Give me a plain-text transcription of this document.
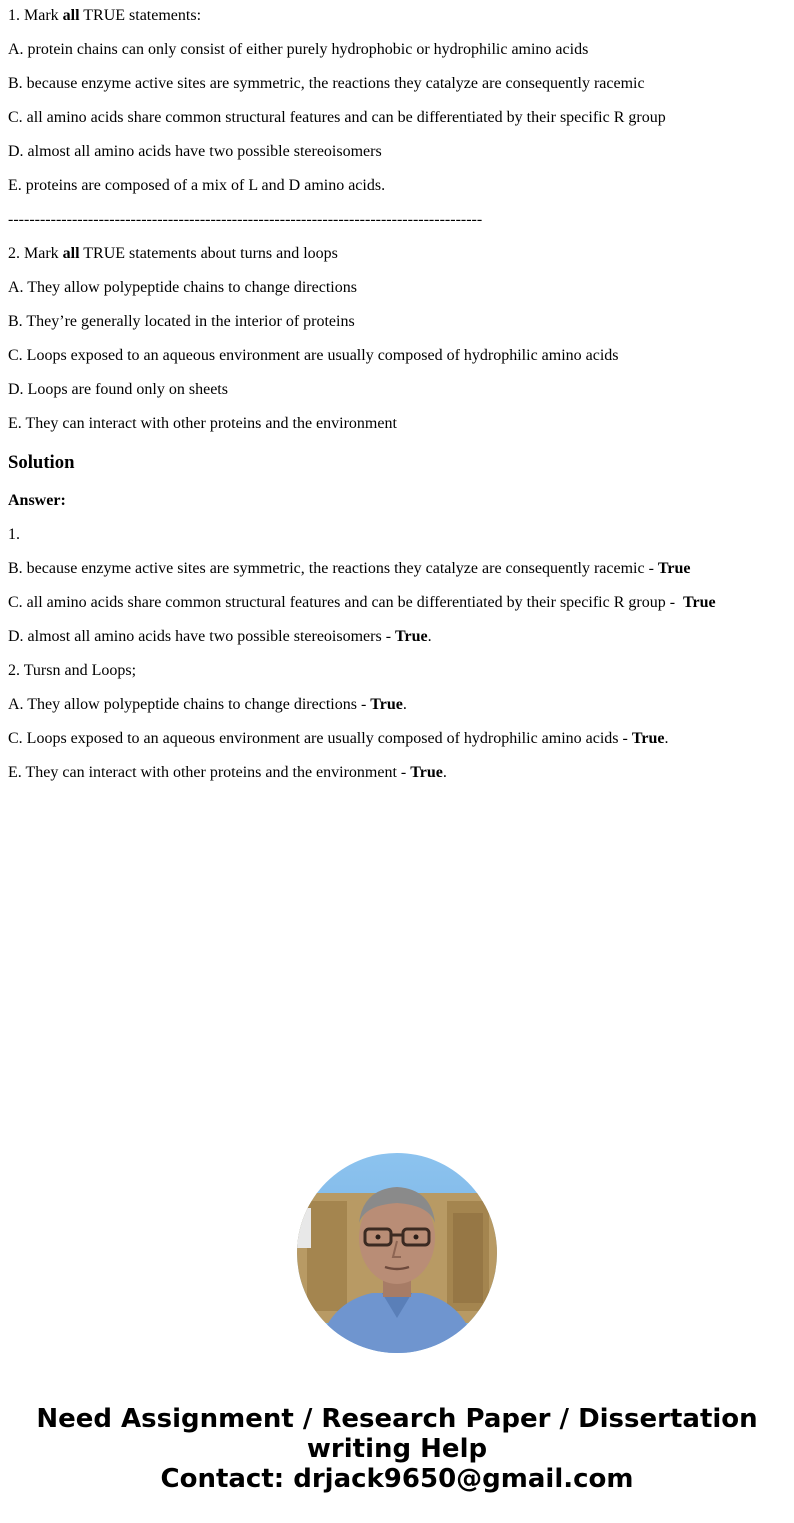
1. Mark all TRUE statements:

A. protein chains can only consist of either purely hydrophobic or hydrophilic amino acids

B. because enzyme active sites are symmetric, the reactions they catalyze are consequently racemic

C. all amino acids share common structural features and can be differentiated by their specific R group

D. almost all amino acids have two possible stereoisomers

E. proteins are composed of a mix of L and D amino acids.

-----------------------------------------------------------------------------------------

2. Mark all TRUE statements about turns and loops

A. They allow polypeptide chains to change directions

B. They’re generally located in the interior of proteins

C. Loops exposed to an aqueous environment are usually composed of hydrophilic amino acids

D. Loops are found only on sheets

E. They can interact with other proteins and the environment

Solution

Answer:

1.

B. because enzyme active sites are symmetric, the reactions they catalyze are consequently racemic - True

C. all amino acids share common structural features and can be differentiated by their specific R group -  True

D. almost all amino acids have two possible stereoisomers - True.

2. Tursn and Loops;

A. They allow polypeptide chains to change directions - True.

C. Loops exposed to an aqueous environment are usually composed of hydrophilic amino acids - True.

E. They can interact with other proteins and the environment - True.

Need Assignment / Research Paper / Dissertation
writing Help
Contact: drjack9650@gmail.com
